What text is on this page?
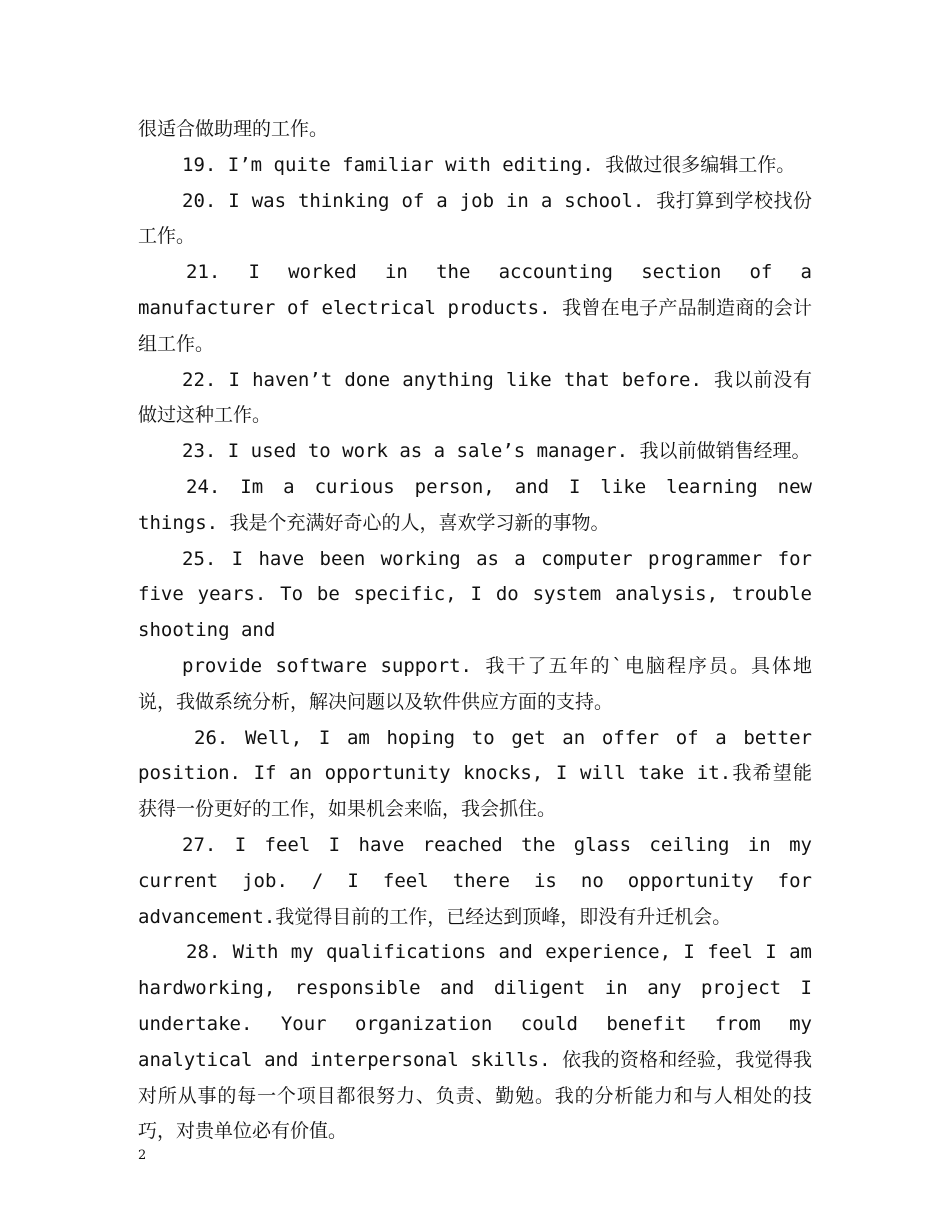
很适合做助理的工作。

19. I’m quite familiar with editing. 我做过很多编辑工作。

20. I was thinking of a job in a school. 我打算到学校找份工作。

21. I worked in the accounting section of a manufacturer of electrical products. 我曾在电子产品制造商的会计组工作。

22. I haven’t done anything like that before. 我以前没有做过这种工作。

23. I used to work as a sale’s manager. 我以前做销售经理。

24. Im a curious person, and I like learning new things. 我是个充满好奇心的人，喜欢学习新的事物。

25. I have been working as a computer programmer for five years. To be specific, I do system analysis, trouble shooting and

provide software support. 我干了五年的`电脑程序员。具体地说，我做系统分析，解决问题以及软件供应方面的支持。

26. Well, I am hoping to get an offer of a better position. If an opportunity knocks, I will take it.我希望能获得一份更好的工作，如果机会来临，我会抓住。

27. I feel I have reached the glass ceiling in my current job. / I feel there is no opportunity for advancement.我觉得目前的工作，已经达到顶峰，即没有升迁机会。

28. With my qualifications and experience, I feel I am hardworking, responsible and diligent in any project I undertake. Your organization could benefit from my analytical and interpersonal skills. 依我的资格和经验，我觉得我对所从事的每一个项目都很努力、负责、勤勉。我的分析能力和与人相处的技巧，对贵单位必有价值。

2
